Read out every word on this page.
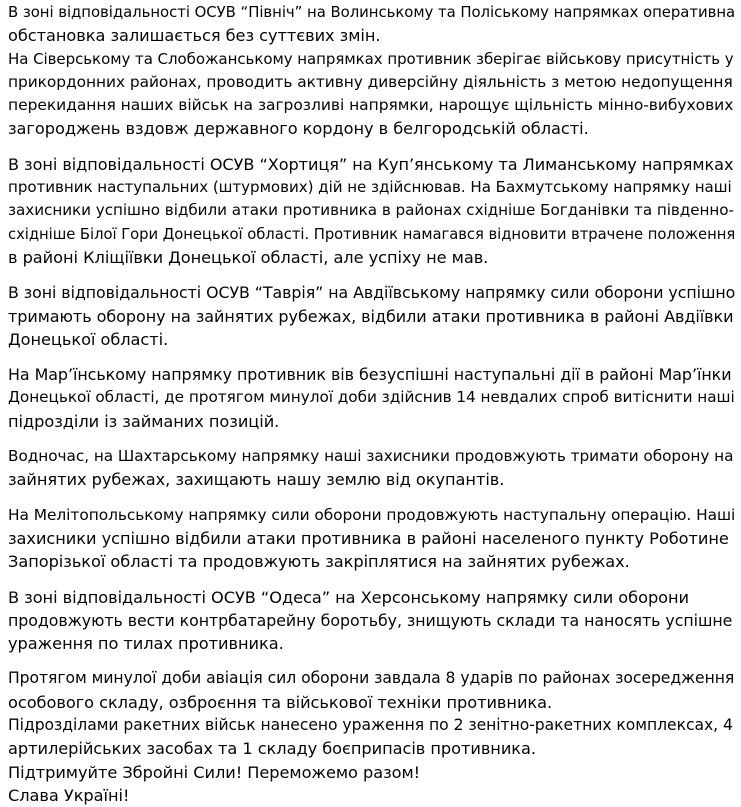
В зоні відповідальності ОСУВ “Північ” на Волинському та Поліському напрямках оперативна
обстановка залишається без суттєвих змін.
На Сіверському та Слобожанському напрямках противник зберігає військову присутність у
прикордонних районах, проводить активну диверсійну діяльність з метою недопущення
перекидання наших військ на загрозливі напрямки, нарощує щільність мінно-вибухових
загороджень вздовж державного кордону в белгородській області.

В зоні відповідальності ОСУВ “Хортиця” на Куп’янському та Лиманському напрямках
противник наступальних (штурмових) дій не здійснював. На Бахмутському напрямку наші
захисники успішно відбили атаки противника в районах східніше Богданівки та південно-
східніше Білої Гори Донецької області. Противник намагався відновити втрачене положення
в районі Кліщіївки Донецької області, але успіху не мав.

В зоні відповідальності ОСУВ “Таврія” на Авдіївському напрямку сили оборони успішно
тримають оборону на зайнятих рубежах, відбили атаки противника в районі Авдіївки
Донецької області.

На Мар’їнському напрямку противник вів безуспішні наступальні дії в районі Мар’їнки
Донецької області, де протягом минулої доби здійснив 14 невдалих спроб витіснити наші
підрозділи із займаних позицій.

Водночас, на Шахтарському напрямку наші захисники продовжують тримати оборону на
зайнятих рубежах, захищають нашу землю від окупантів.

На Мелітопольському напрямку сили оборони продовжують наступальну операцію. Наші
захисники успішно відбили атаки противника в районі населеного пункту Роботине
Запорізької області та продовжують закріплятися на зайнятих рубежах.

В зоні відповідальності ОСУВ “Одеса” на Херсонському напрямку сили оборони
продовжують вести контрбатарейну боротьбу, знищують склади та наносять успішне
ураження по тилах противника.

Протягом минулої доби авіація сил оборони завдала 8 ударів по районах зосередження
особового складу, озброєння та військової техніки противника.
Підрозділами ракетних військ нанесено ураження по 2 зенітно-ракетних комплексах, 4
артилерійських засобах та 1 складу боєприпасів противника.
Підтримуйте Збройні Сили! Переможемо разом!
Слава Україні!
